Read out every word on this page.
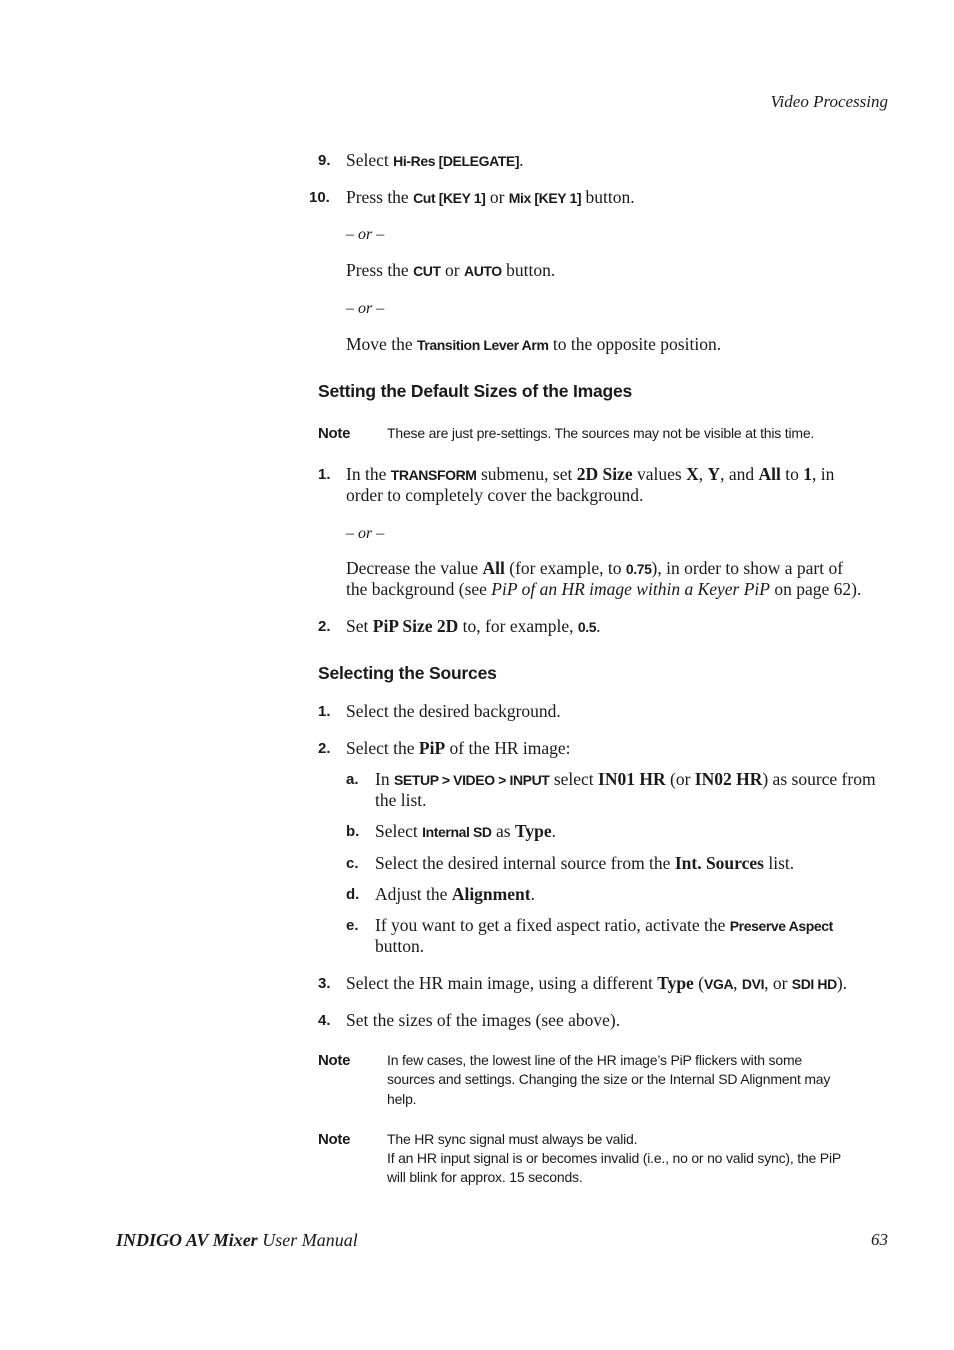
Video Processing
9. Select Hi-Res [DELEGATE].
10. Press the Cut [KEY 1] or Mix [KEY 1] button.
– or –
Press the CUT or AUTO button.
– or –
Move the Transition Lever Arm to the opposite position.
Setting the Default Sizes of the Images
Note	These are just pre-settings. The sources may not be visible at this time.
1. In the TRANSFORM submenu, set 2D Size values X, Y, and All to 1, in
order to completely cover the background.
– or –
Decrease the value All (for example, to 0.75), in order to show a part of
the background (see PiP of an HR image within a Keyer PiP on page 62).
2. Set PiP Size 2D to, for example, 0.5.
Selecting the Sources
1. Select the desired background.
2. Select the PiP of the HR image:
a. In SETUP > VIDEO > INPUT select IN01 HR (or IN02 HR) as source from
the list.
b. Select Internal SD as Type.
c. Select the desired internal source from the Int. Sources list.
d. Adjust the Alignment.
e. If you want to get a fixed aspect ratio, activate the Preserve Aspect
button.
3. Select the HR main image, using a different Type (VGA, DVI, or SDI HD).
4. Set the sizes of the images (see above).
Note	In few cases, the lowest line of the HR image’s PiP flickers with some
sources and settings. Changing the size or the Internal SD Alignment may
help.
Note	The HR sync signal must always be valid.
If an HR input signal is or becomes invalid (i.e., no or no valid sync), the PiP
will blink for approx. 15 seconds.
INDIGO AV Mixer User Manual	63
